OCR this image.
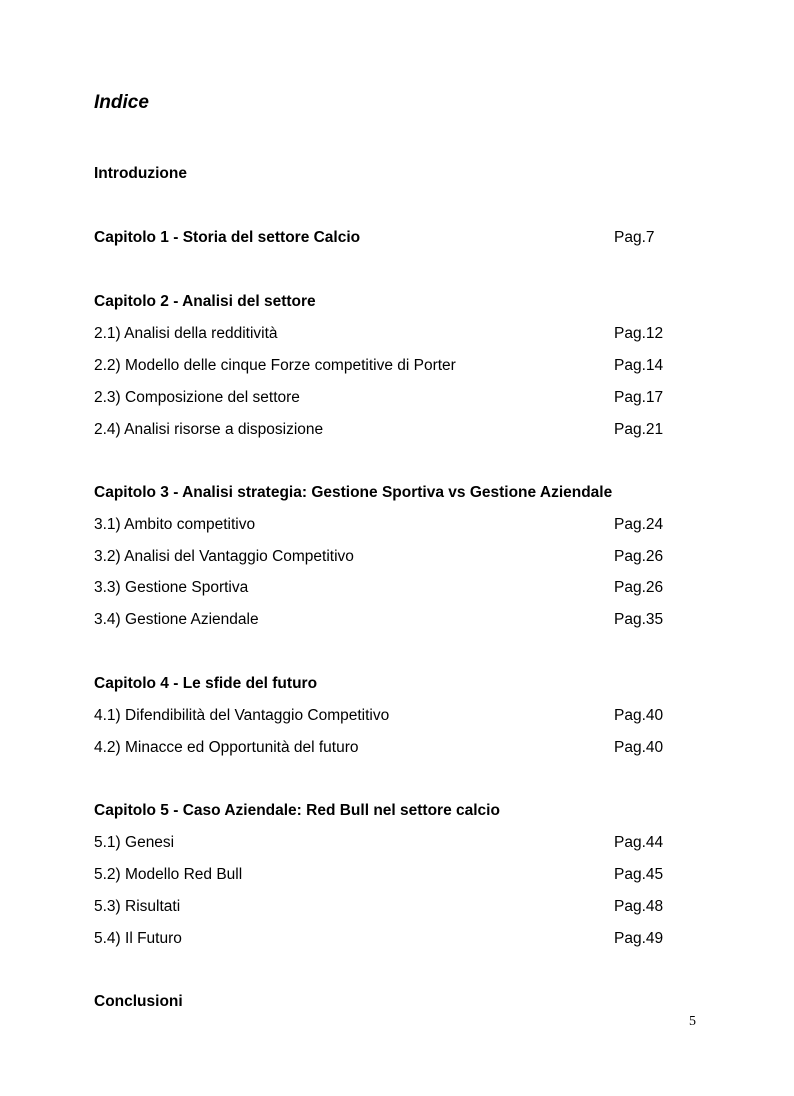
Indice
Introduzione
Capitolo 1 - Storia del settore Calcio	Pag.7
Capitolo 2 - Analisi del settore
2.1) Analisi della redditività	Pag.12
2.2) Modello delle cinque Forze competitive di Porter	Pag.14
2.3) Composizione del settore	Pag.17
2.4) Analisi risorse a disposizione	Pag.21
Capitolo 3 - Analisi strategia: Gestione Sportiva vs Gestione Aziendale
3.1) Ambito competitivo	Pag.24
3.2) Analisi del Vantaggio Competitivo	Pag.26
3.3) Gestione Sportiva	Pag.26
3.4) Gestione Aziendale	Pag.35
Capitolo 4 - Le sfide del futuro
4.1) Difendibilità del Vantaggio Competitivo	Pag.40
4.2) Minacce ed Opportunità del futuro	Pag.40
Capitolo 5 - Caso Aziendale: Red Bull nel settore calcio
5.1) Genesi	Pag.44
5.2) Modello Red Bull	Pag.45
5.3) Risultati	Pag.48
5.4) Il Futuro	Pag.49
Conclusioni
5
